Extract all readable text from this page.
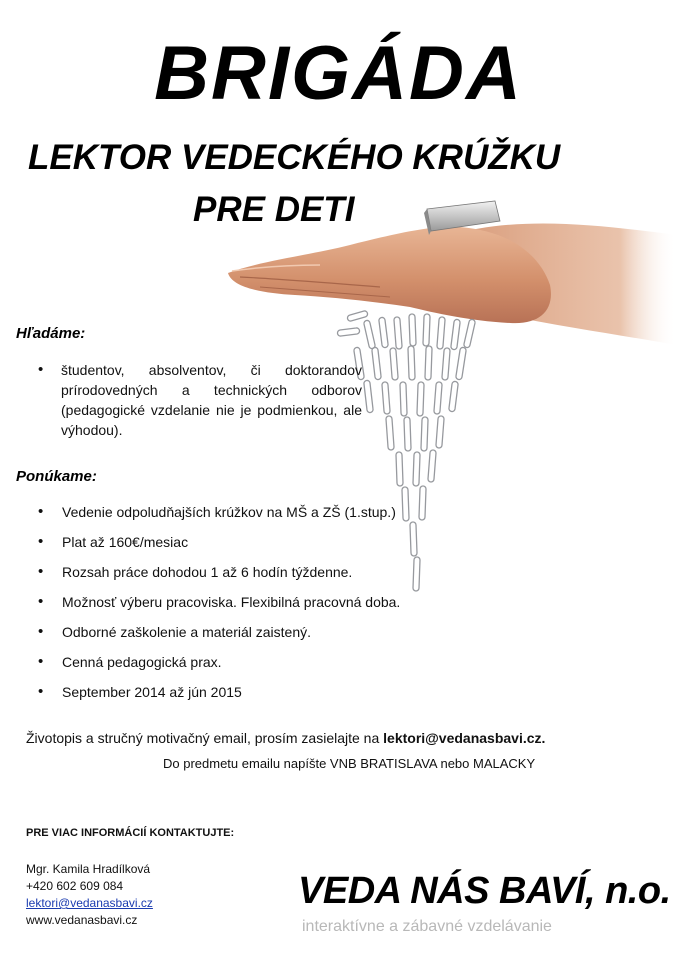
BRIGÁDA
LEKTOR VEDECKÉHO KRÚŽKU
PRE DETI
Hľadáme:
• študentov, absolventov, či doktorandov prírodovedných a technických odborov (pedagogické vzdelanie nie je podmienkou, ale výhodou).
Ponúkame:
• Vedenie odpoludňajších krúžkov na MŠ a ZŠ (1.stup.)
• Plat až 160€/mesiac
• Rozsah práce dohodou 1 až 6 hodín týždenne.
• Možnosť výberu pracoviska. Flexibilná pracovná doba.
• Odborné zaškolenie a materiál zaistený.
• Cenná pedagogická prax.
• September 2014 až jún 2015
Životopis a stručný motivačný email, prosím zasielajte na lektori@vedanasbavi.cz.
Do predmetu emailu napíšte VNB BRATISLAVA nebo MALACKY
PRE VIAC INFORMÁCIÍ KONTAKTUJTE:
Mgr. Kamila Hradílková
+420 602 609 084
lektori@vedanasbavi.cz
www.vedanasbavi.cz
VEDA NÁS BAVÍ, n.o.
interaktívne a zábavné vzdelávanie
